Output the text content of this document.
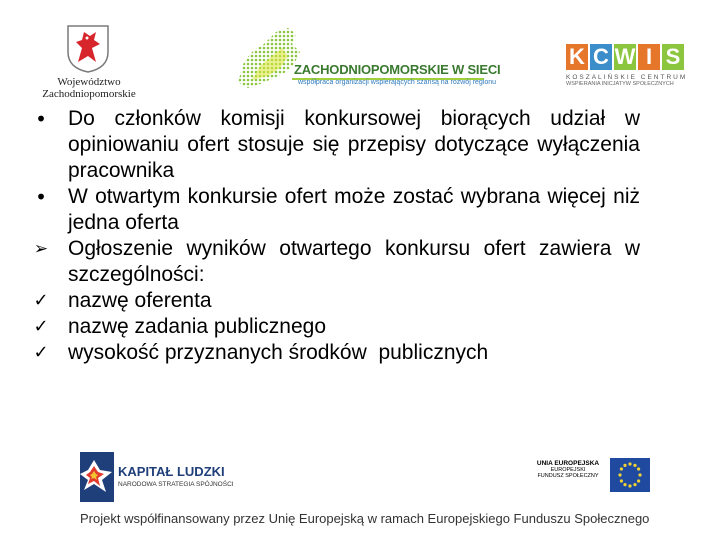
Województwo
Zachodniopomorskie
ZACHODNIOPOMORSKIE W SIECI
współpraca organizacji wspierających szansą na rozwój regionu
K C W I S
KOSZALIŃSKIE CENTRUM
WSPIERANIA INICJATYW SPOŁECZNYCH
•	Do członków komisji konkursowej biorących udział w opiniowaniu ofert stosuje się przepisy dotyczące wyłączenia pracownika
•	W otwartym konkursie ofert może zostać wybrana więcej niż jedna oferta
➢ Ogłoszenie wyników otwartego konkursu ofert zawiera w szczególności:
✓ nazwę oferenta
✓ nazwę zadania publicznego
✓ wysokość przyznanych środków  publicznych
KAPITAŁ LUDZKI
NARODOWA STRATEGIA SPÓJNOŚCI
UNIA EUROPEJSKA
EUROPEJSKI
FUNDUSZ SPOŁECZNY
Projekt współfinansowany przez Unię Europejską w ramach Europejskiego Funduszu Społecznego
